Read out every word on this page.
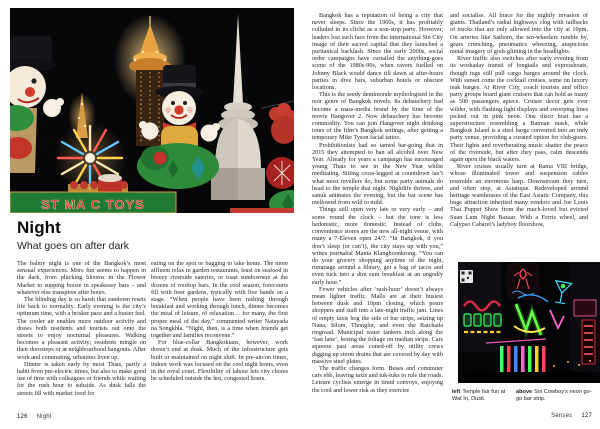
ST MA C TOYS
Night
What goes on after dark

The balmy night is one of the Bangkok’s most sensual experiences. More fun seems to happen in the dark, from plucking blooms in the Flower Market to supping booze in speakeasy bars – and whatever else transpires after hours.

The blinding day is so harsh that sundown resets life back to normality. Early evening is the city’s optimum time, with a brisker pace and a busier feel. The cooler air enables more outdoor activity and draws both residents and tourists out onto the streets to enjoy nocturnal pleasures. Walking becomes a pleasant activity; residents mingle on their doorsteps or at neighbourhood hangouts. After work and commuting, urbanites liven up.

Dinner is taken early by most Thais, partly a habit from pre-electric times, but also to make good use of time with colleagues or friends while waiting for the rush hour to subside. As dusk falls the streets fill with market food for

eating on the spot or bagging to take home. The more affluent relax in garden restaurants, feast on seafood in breezy riverside eateries, or toast sundowners at the dozens of rooftop bars. In the cool season, forecourts fill with beer gardens, typically with live bands on a stage. “When people have been rushing through breakfast and working through lunch, dinner becomes the meal of leisure, of relaxation… for many, the first proper meal of the day,” commented writer Natayada na Songkhla. “Night, then, is a time when friends get together and families reconvene.”

For blue-collar Bangkokians, however, work doesn’t end at dusk. Much of the infrastructure gets built or maintained on night shift. In pre-aircon times, indoor work was focused on the cool night hours, even in the royal court. Flexibility of labour lets city chores be scheduled outside the hot, congested hours.

126 Night

Bangkok has a reputation of being a city that never sleeps. Since the 1960s, it has profitably colluded in its cliché as a non-stop party. However, leaders lost such face from the international Sin City image of their sacred capital that they launched a puritanical backlash. Since the early 2000s, social order campaigns have curtailed the anything-goes scene of the 1980s-90s, when ravers fuelled on Johnny Black would dance till dawn at after-hours parties in dive bars, suburban hotels or obscure locations.

This is the seedy demimonde mythologised in the noir genre of Bangkok novels. Its debauchery had become a mass-media brand by the time of the movie Hangover 2. Now debauchery has become commodity. You can join Hangover night drinking tours of the film’s Bangkok settings, after getting a temporary Mike Tyson facial tattoo.

Prohibitionists had so tamed bar-going that in 2015 they attempted to ban all alcohol over New Year. Already for years a campaign has encouraged young Thais to see in the New Year whilst meditating. Sitting cross-legged at countdown isn’t what most revellers do, but some party animals do head to the temple that night. Nightlife thrives, and sanuk animates the evening, but the bar scene has mellowed from wild to mild.

Things still open very late or very early – and some round the clock – but the tone is less hedonistic, more domestic. Instead of clubs, convenience stores are the new all-night venue, with many a 7-Eleven open 24/7. “In Bangkok, if you don’t sleep (or can’t), the city stays up with you,” writes journalist Manta Klangboonkrong. “You can do your grocery shopping anytime of the night, rummage around a library, get a bag of tacos and even tuck into a dim sum breakfast at an ungodly early hour.”

Fewer vehicles after ‘rush-hour’ doesn’t always mean lighter traffic. Malls are at their busiest between dusk and 10pm closing, which pours shoppers and staff into a late-night traffic jam. Lines of empty taxis hog the side of bar strips, seizing up Nana, Silom, Thonglor, and even the Ratchada ringroad. Municipal water tankers inch along the ‘fast lane’, hosing the foliage on median strips. Cars squeeze past areas coned-off by utility crews digging up storm drains that are covered by day with massive steel plates.

The traffic changes form. Buses and commuter cars ebb, leaving taxis and tuk-tuks to rule the roads. Leisure cyclists emerge in timid convoys, enjoying the cool and lower risk as they exercise

and socialise. All brace for the nightly invasion of giants. Thailand’s radial highways clog with tailbacks of trucks that are only allowed into the city at 10pm. On arteries like Sathorn, the ten-wheelers rumble by, gears crunching, pneumatics wheezing, auspicious metal imagery of gods glinting in the headlights.

River traffic also switches after early evening from its workaday transit of longtails and expressboats, though tugs still pull cargo barges around the clock. With sunset come the cocktail cruises, some on luxury teak barges. At River City, coach tourists and office party groups board giant cruisers that can hold as many as 500 passengers apiece. Cruiser decor gets ever wilder, with flashing light displays and swooping lines picked out in pink neon. One disco boat has a superstructure resembling a Batman mask, while Bangkok Island is a steel barge converted into an indy party venue, providing a curated option for club-goers. Their lights and reverberating music shatter the peace of the riverside, but after they pass, calm descends again upon the black waters.

River cruises usually turn at Rama VIII bridge, whose illuminated tower and suspension cables resemble an enormous harp. Downstream they turn, and often stop, at Asiatique. Redeveloped around heritage warehouses of the East Asiatic Company, this huge attraction inherited many vendors and Joe Louis Thai Puppet Show from the much-loved but evicted Suan Lum Night Bazaar. With a Ferris wheel, and Calypso Cabaret’s ladyboy floorshow,

left Temple fair fun at Wat In, Dusit.
above Soi Cowboy’s neon go-go bar strip.
Senses 127
